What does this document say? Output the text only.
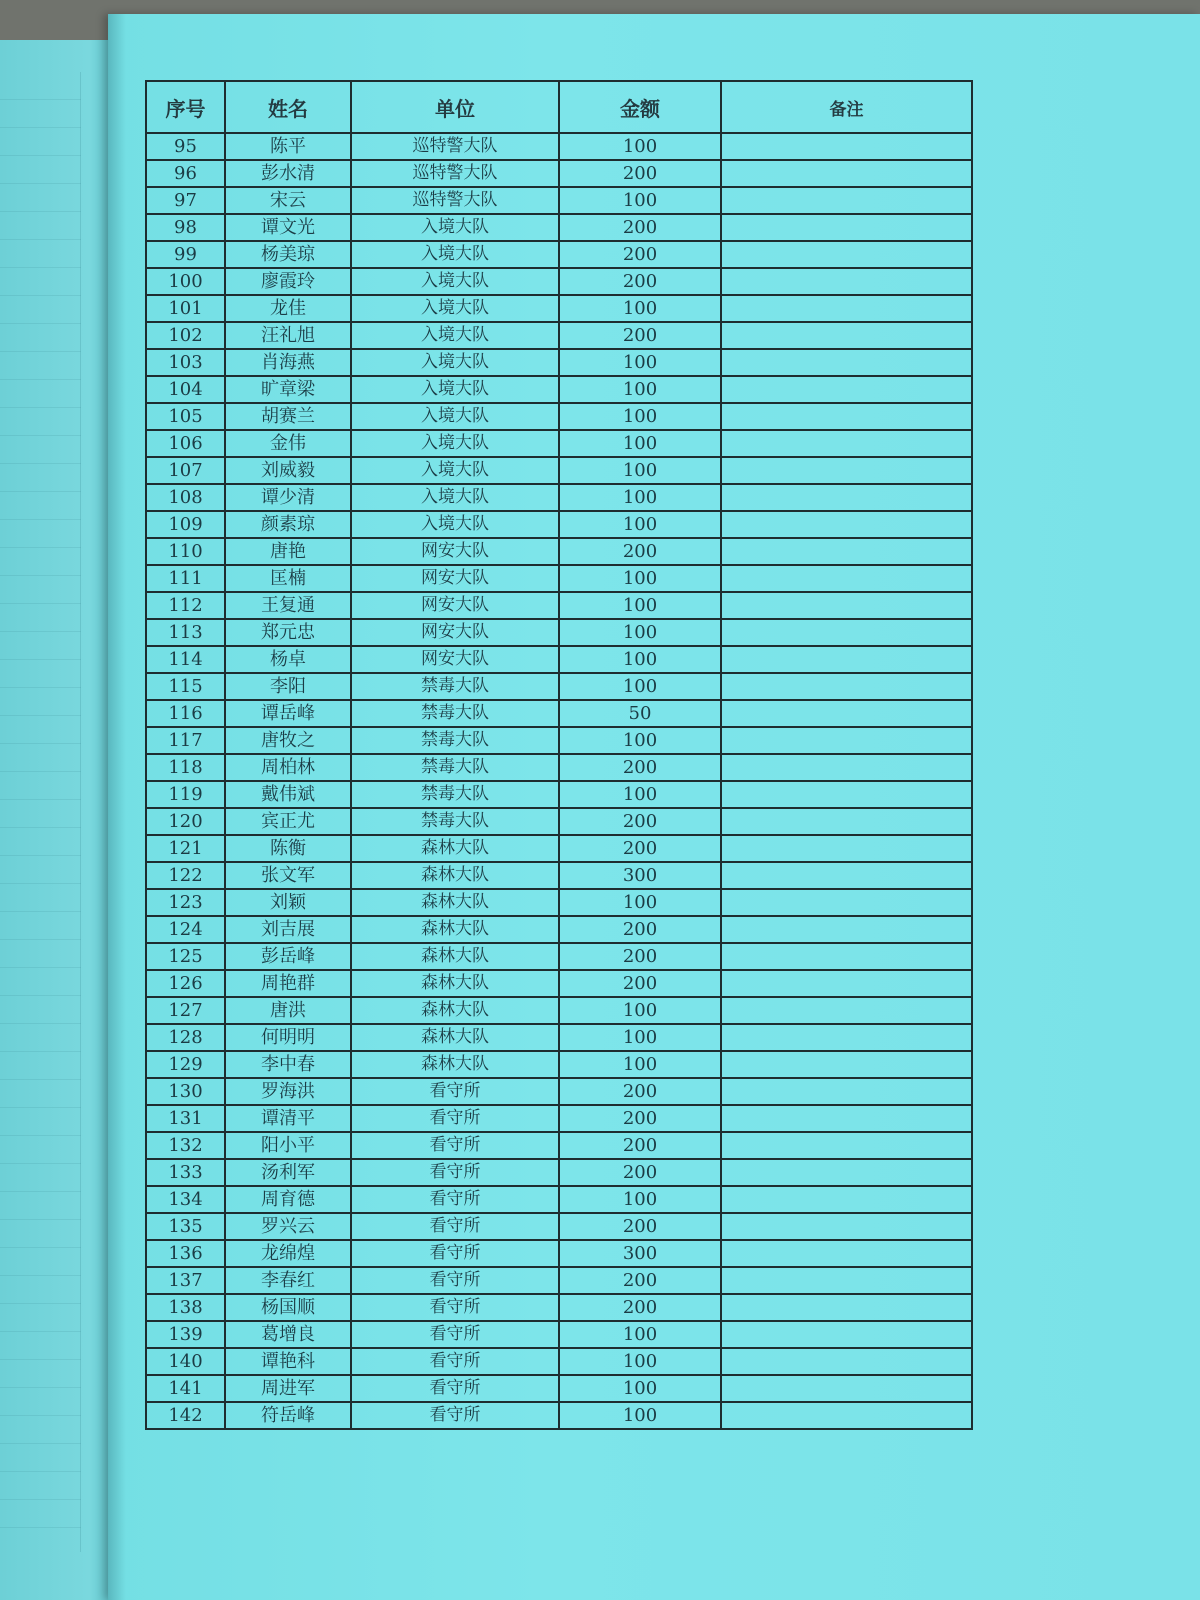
序号	姓名	单位	金额	备注
95	陈平	巡特警大队	100	
96	彭水清	巡特警大队	200	
97	宋云	巡特警大队	100	
98	谭文光	入境大队	200	
99	杨美琼	入境大队	200	
100	廖霞玲	入境大队	200	
101	龙佳	入境大队	100	
102	汪礼旭	入境大队	200	
103	肖海燕	入境大队	100	
104	旷章梁	入境大队	100	
105	胡赛兰	入境大队	100	
106	金伟	入境大队	100	
107	刘威毅	入境大队	100	
108	谭少清	入境大队	100	
109	颜素琼	入境大队	100	
110	唐艳	网安大队	200	
111	匡楠	网安大队	100	
112	王复通	网安大队	100	
113	郑元忠	网安大队	100	
114	杨卓	网安大队	100	
115	李阳	禁毒大队	100	
116	谭岳峰	禁毒大队	50	
117	唐牧之	禁毒大队	100	
118	周柏林	禁毒大队	200	
119	戴伟斌	禁毒大队	100	
120	宾正尤	禁毒大队	200	
121	陈衡	森林大队	200	
122	张文军	森林大队	300	
123	刘颖	森林大队	100	
124	刘吉展	森林大队	200	
125	彭岳峰	森林大队	200	
126	周艳群	森林大队	200	
127	唐洪	森林大队	100	
128	何明明	森林大队	100	
129	李中春	森林大队	100	
130	罗海洪	看守所	200	
131	谭清平	看守所	200	
132	阳小平	看守所	200	
133	汤利军	看守所	200	
134	周育德	看守所	100	
135	罗兴云	看守所	200	
136	龙绵煌	看守所	300	
137	李春红	看守所	200	
138	杨国顺	看守所	200	
139	葛增良	看守所	100	
140	谭艳科	看守所	100	
141	周进军	看守所	100	
142	符岳峰	看守所	100	
